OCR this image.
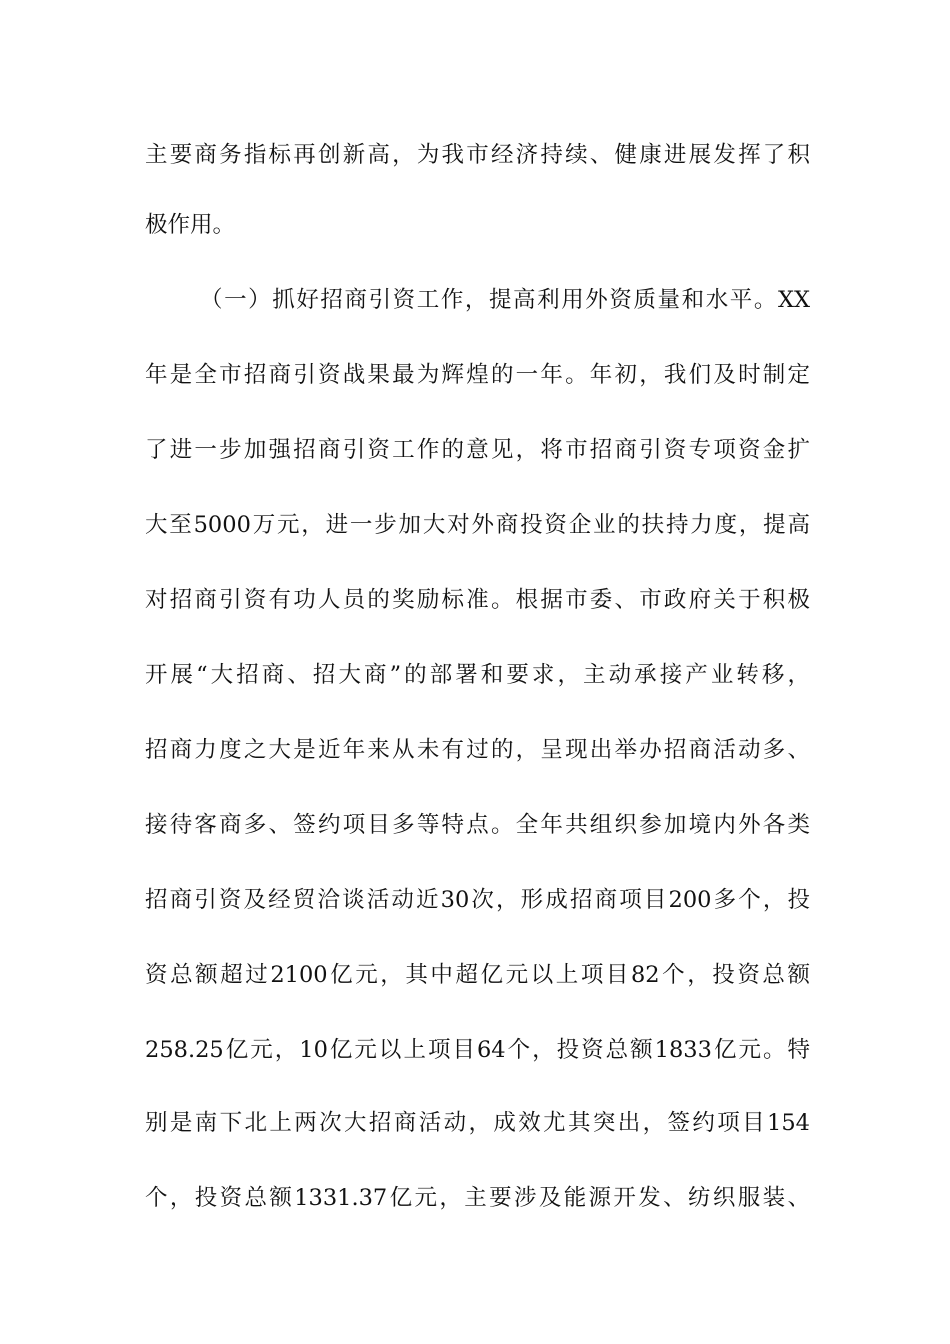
主要商务指标再创新高，为我市经济持续、健康进展发挥了积
极作用。
（一）抓好招商引资工作，提高利用外资质量和水平。XX
年是全市招商引资战果最为辉煌的一年。年初，我们及时制定
了进一步加强招商引资工作的意见，将市招商引资专项资金扩
大至5000万元，进一步加大对外商投资企业的扶持力度，提高
对招商引资有功人员的奖励标准。根据市委、市政府关于积极
开展“大招商、招大商”的部署和要求，主动承接产业转移，
招商力度之大是近年来从未有过的，呈现出举办招商活动多、
接待客商多、签约项目多等特点。全年共组织参加境内外各类
招商引资及经贸洽谈活动近30次，形成招商项目200多个，投
资总额超过2100亿元，其中超亿元以上项目82个，投资总额
258.25亿元，10亿元以上项目64个，投资总额1833亿元。特
别是南下北上两次大招商活动，成效尤其突出，签约项目154
个，投资总额1331.37亿元，主要涉及能源开发、纺织服装、
